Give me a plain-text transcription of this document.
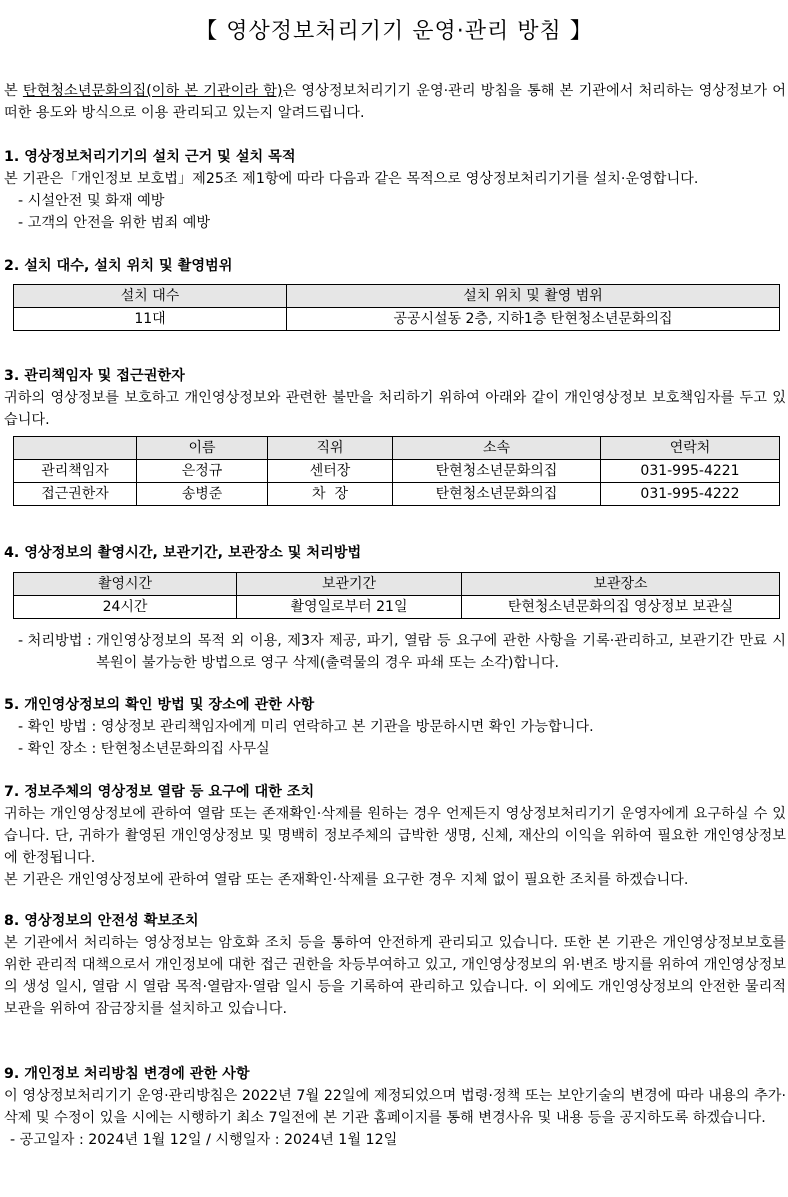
【 영상정보처리기기 운영·관리 방침 】

본 탄현청소년문화의집(이하 본 기관이라 함)은 영상정보처리기기 운영·관리 방침을 통해 본 기관에서 처리하는 영상정보가 어떠한 용도와 방식으로 이용 관리되고 있는지 알려드립니다.

1. 영상정보처리기기의 설치 근거 및 설치 목적

본 기관은「개인정보 보호법」제25조 제1항에 따라 다음과 같은 목적으로 영상정보처리기기를 설치·운영합니다.

- 시설안전 및 화재 예방

- 고객의 안전을 위한 범죄 예방

2. 설치 대수, 설치 위치 및 촬영범위

설치 대수	설치 위치 및 촬영 범위
11대	공공시설동 2층, 지하1층 탄현청소년문화의집

3. 관리책임자 및 접근권한자

귀하의 영상정보를 보호하고 개인영상정보와 관련한 불만을 처리하기 위하여 아래와 같이 개인영상정보 보호책임자를 두고 있습니다.

	이름	직위	소속	연락처
관리책임자	은정규	센터장	탄현청소년문화의집	031-995-4221
접근권한자	송병준	차  장	탄현청소년문화의집	031-995-4222

4. 영상정보의 촬영시간, 보관기간, 보관장소 및 처리방법

촬영시간	보관기간	보관장소
24시간	촬영일로부터 21일	탄현청소년문화의집 영상정보 보관실
- 처리방법 : 개인영상정보의 목적 외 이용, 제3자 제공, 파기, 열람 등 요구에 관한 사항을 기록·관리하고, 보관기간 만료 시 복원이 불가능한 방법으로 영구 삭제(출력물의 경우 파쇄 또는 소각)합니다.

5. 개인영상정보의 확인 방법 및 장소에 관한 사항

- 확인 방법 : 영상정보 관리책임자에게 미리 연락하고 본 기관을 방문하시면 확인 가능합니다.

- 확인 장소 : 탄현청소년문화의집 사무실

7. 정보주체의 영상정보 열람 등 요구에 대한 조치

귀하는 개인영상정보에 관하여 열람 또는 존재확인·삭제를 원하는 경우 언제든지 영상정보처리기기 운영자에게 요구하실 수 있습니다. 단, 귀하가 촬영된 개인영상정보 및 명백히 정보주체의 급박한 생명, 신체, 재산의 이익을 위하여 필요한 개인영상정보에 한정됩니다.

본 기관은 개인영상정보에 관하여 열람 또는 존재확인·삭제를 요구한 경우 지체 없이 필요한 조치를 하겠습니다.

8. 영상정보의 안전성 확보조치

본 기관에서 처리하는 영상정보는 암호화 조치 등을 통하여 안전하게 관리되고 있습니다. 또한 본 기관은 개인영상정보보호를 위한 관리적 대책으로서 개인정보에 대한 접근 권한을 차등부여하고 있고, 개인영상정보의 위·변조 방지를 위하여 개인영상정보의 생성 일시, 열람 시 열람 목적·열람자·열람 일시 등을 기록하여 관리하고 있습니다. 이 외에도 개인영상정보의 안전한 물리적 보관을 위하여 잠금장치를 설치하고 있습니다.

9. 개인정보 처리방침 변경에 관한 사항

이 영상정보처리기기 운영·관리방침은 2022년 7월 22일에 제정되었으며 법령·정책 또는 보안기술의 변경에 따라 내용의 추가·삭제 및 수정이 있을 시에는 시행하기 최소 7일전에 본 기관 홈페이지를 통해 변경사유 및 내용 등을 공지하도록 하겠습니다.

- 공고일자 : 2024년 1월 12일 / 시행일자 : 2024년 1월 12일
